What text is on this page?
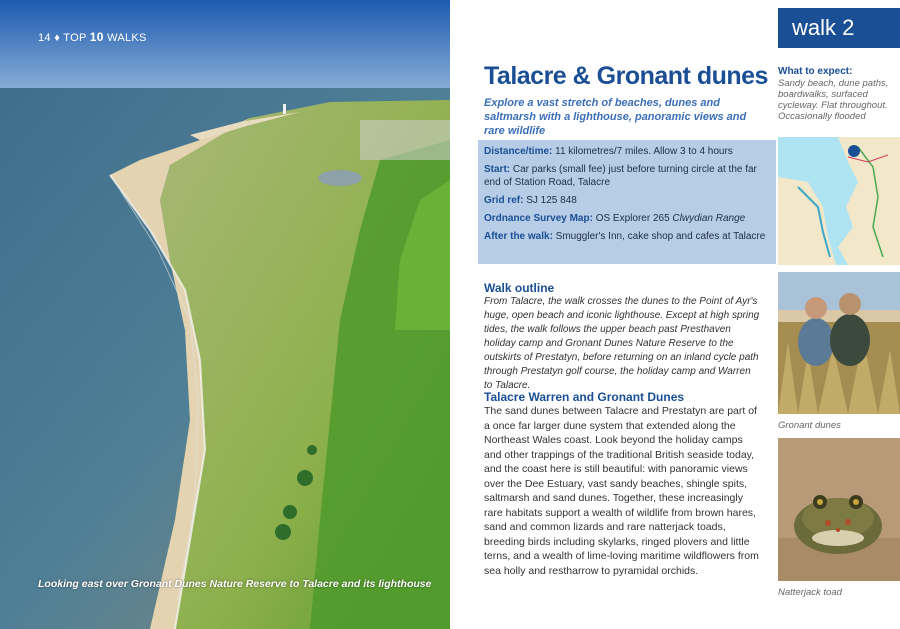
14 ♦ TOP 10 WALKS
Looking east over Gronant Dunes Nature Reserve to Talacre and its lighthouse
walk 2
Talacre & Gronant dunes
Explore a vast stretch of beaches, dunes and saltmarsh with a lighthouse, panoramic views and rare wildlife
Distance/time: 11 kilometres/7 miles. Allow 3 to 4 hours
Start: Car parks (small fee) just before turning circle at the far end of Station Road, Talacre
Grid ref: SJ 125 848
Ordnance Survey Map: OS Explorer 265 Clwydian Range
After the walk: Smuggler's Inn, cake shop and cafes at Talacre
What to expect:
Sandy beach, dune paths, boardwalks, surfaced cycleway. Flat throughout. Occasionally flooded
Gronant dunes
Natterjack toad
Walk outline
From Talacre, the walk crosses the dunes to the Point of Ayr's huge, open beach and iconic lighthouse. Except at high spring tides, the walk follows the upper beach past Presthaven holiday camp and Gronant Dunes Nature Reserve to the outskirts of Prestatyn, before returning on an inland cycle path through Prestatyn golf course, the holiday camp and Warren to Talacre.
Talacre Warren and Gronant Dunes
The sand dunes between Talacre and Prestatyn are part of a once far larger dune system that extended along the Northeast Wales coast. Look beyond the holiday camps and other trappings of the traditional British seaside today, and the coast here is still beautiful: with panoramic views over the Dee Estuary, vast sandy beaches, shingle spits, saltmarsh and sand dunes. Together, these increasingly rare habitats support a wealth of wildlife from brown hares, sand and common lizards and rare natterjack toads, breeding birds including skylarks, ringed plovers and little terns, and a wealth of lime-loving maritime wildflowers from sea holly and restharrow to pyramidal orchids.
